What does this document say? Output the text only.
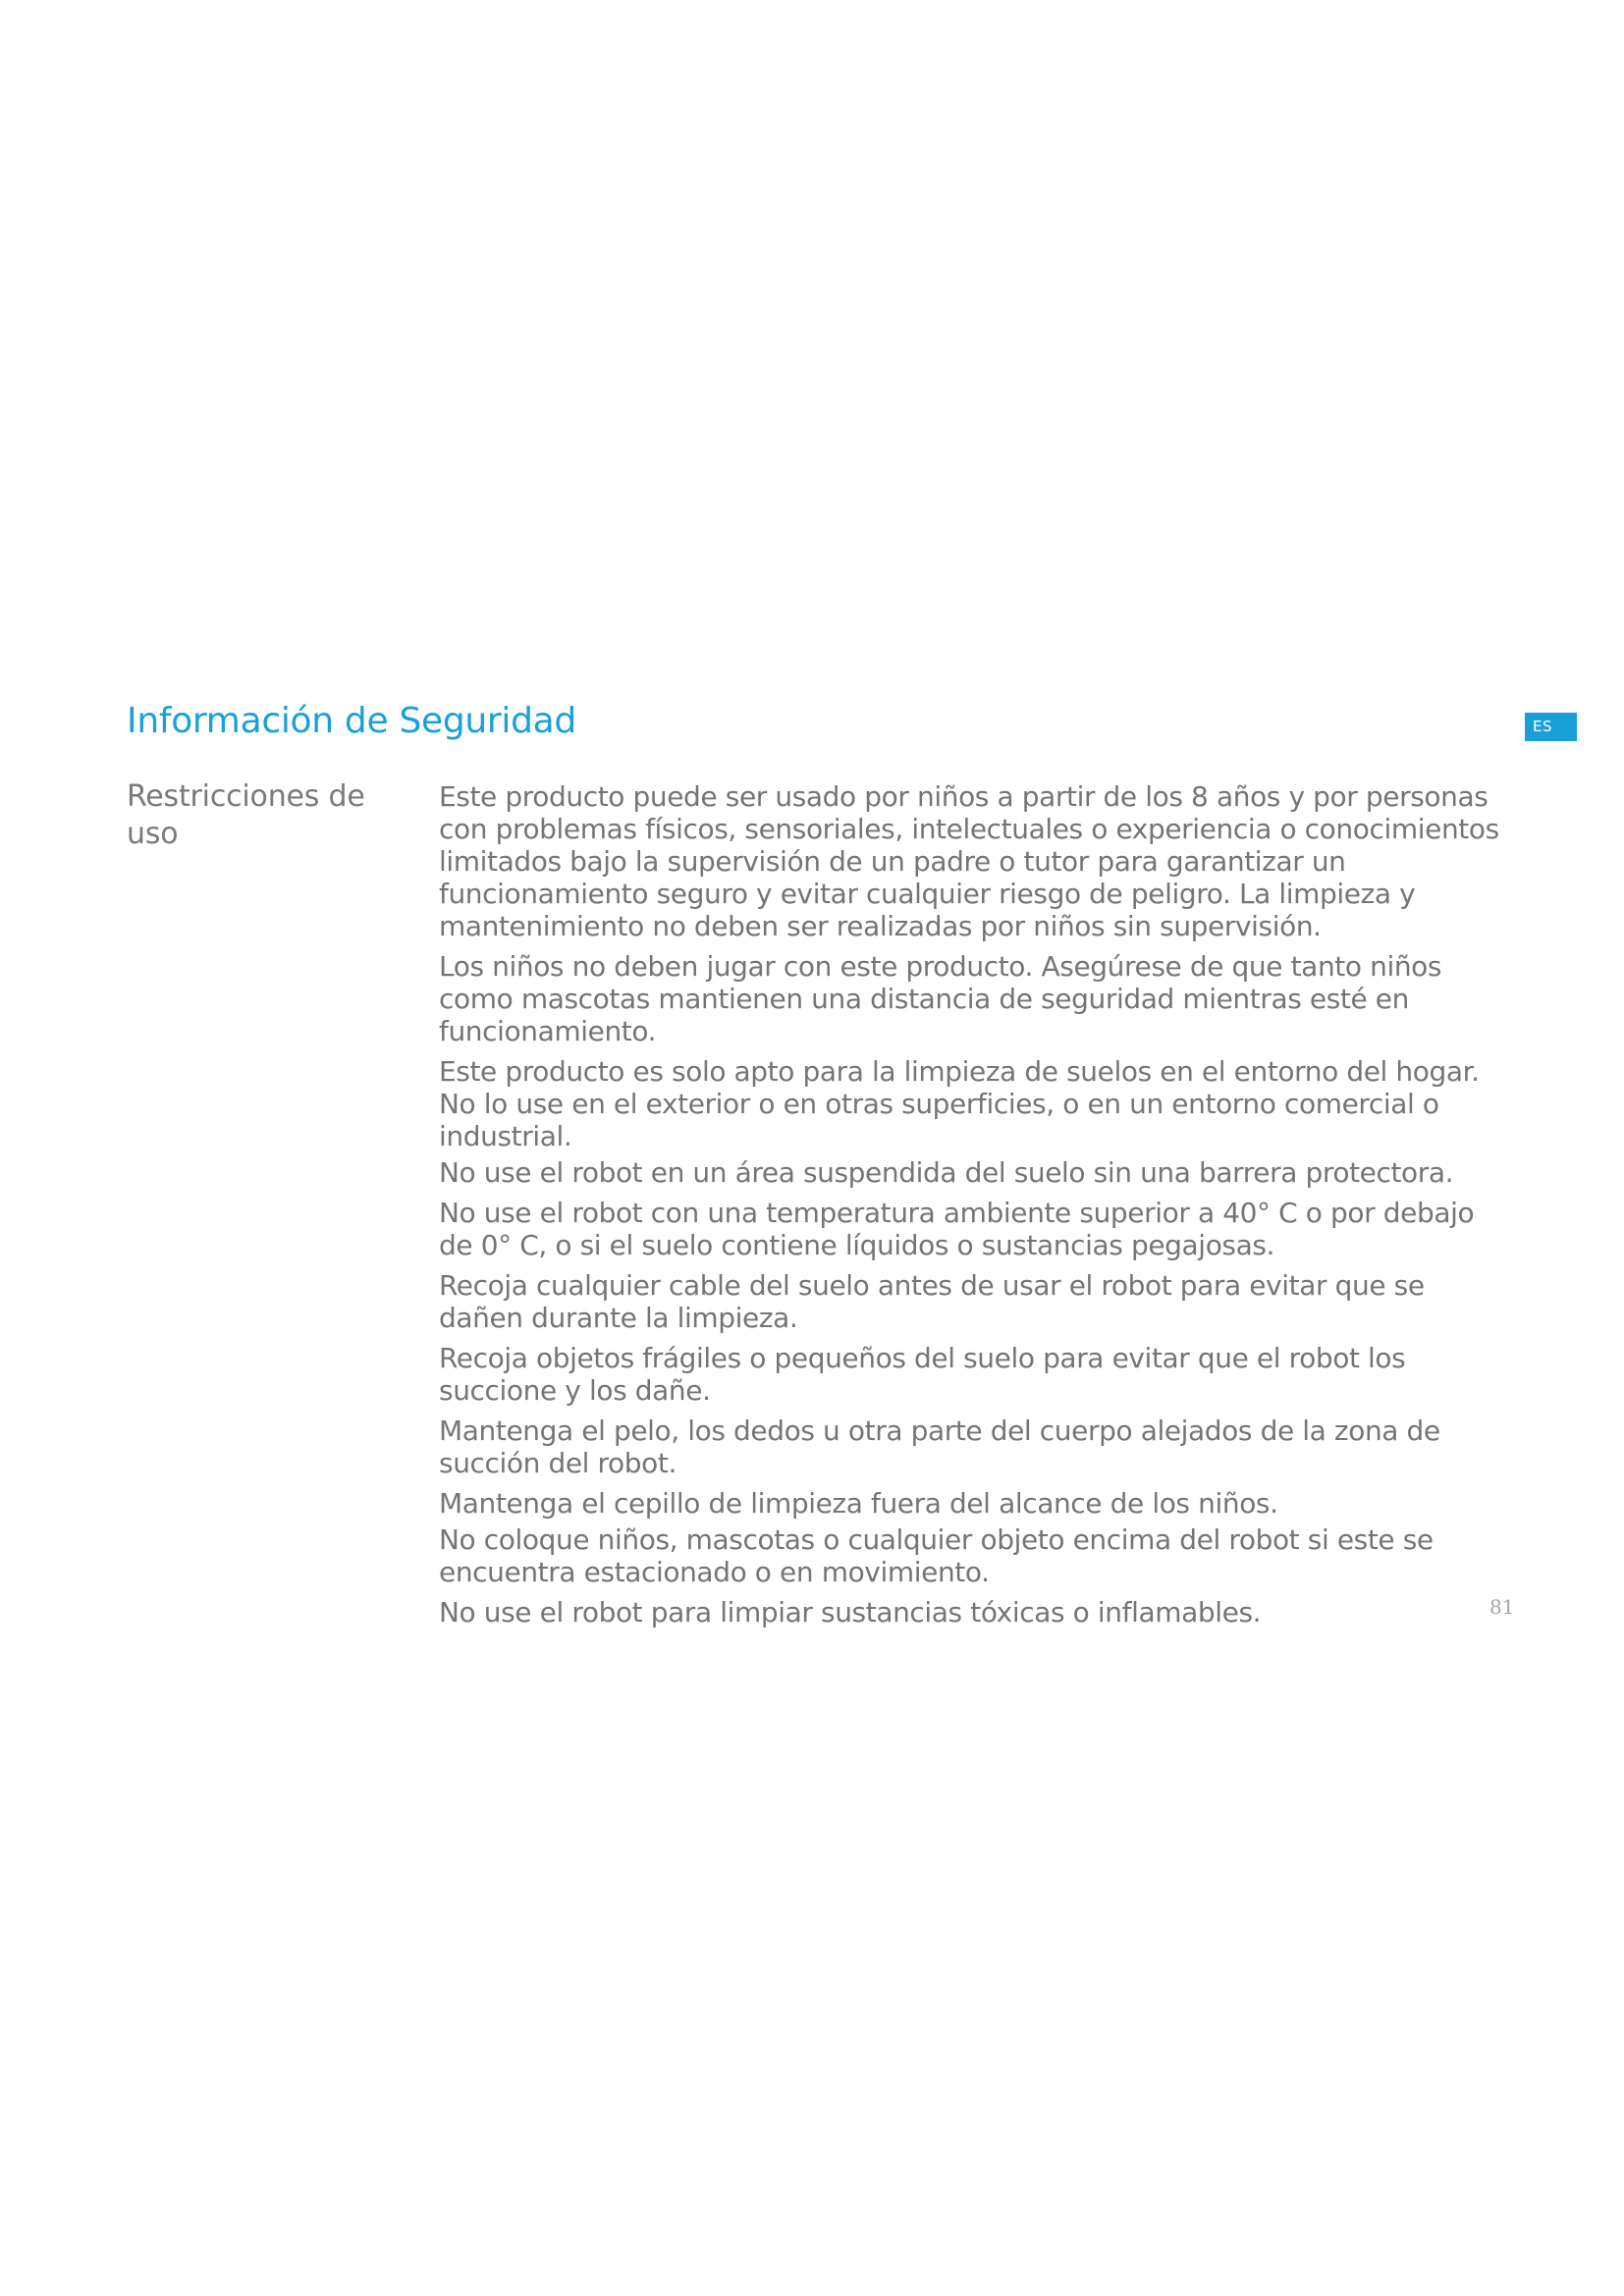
Información de Seguridad	ES
Restricciones de uso

Este producto puede ser usado por niños a partir de los 8 años y por personas con problemas físicos, sensoriales, intelectuales o experiencia o conocimientos limitados bajo la supervisión de un padre o tutor para garantizar un funcionamiento seguro y evitar cualquier riesgo de peligro. La limpieza y mantenimiento no deben ser realizadas por niños sin supervisión.

Los niños no deben jugar con este producto. Asegúrese de que tanto niños como mascotas mantienen una distancia de seguridad mientras esté en funcionamiento.

Este producto es solo apto para la limpieza de suelos en el entorno del hogar. No lo use en el exterior o en otras superficies, o en un entorno comercial o industrial.

No use el robot en un área suspendida del suelo sin una barrera protectora.

No use el robot con una temperatura ambiente superior a 40° C o por debajo de 0° C, o si el suelo contiene líquidos o sustancias pegajosas.

Recoja cualquier cable del suelo antes de usar el robot para evitar que se dañen durante la limpieza.

Recoja objetos frágiles o pequeños del suelo para evitar que el robot los succione y los dañe.

Mantenga el pelo, los dedos u otra parte del cuerpo alejados de la zona de succión del robot.

Mantenga el cepillo de limpieza fuera del alcance de los niños.

No coloque niños, mascotas o cualquier objeto encima del robot si este se encuentra estacionado o en movimiento.

No use el robot para limpiar sustancias tóxicas o inflamables.	81
